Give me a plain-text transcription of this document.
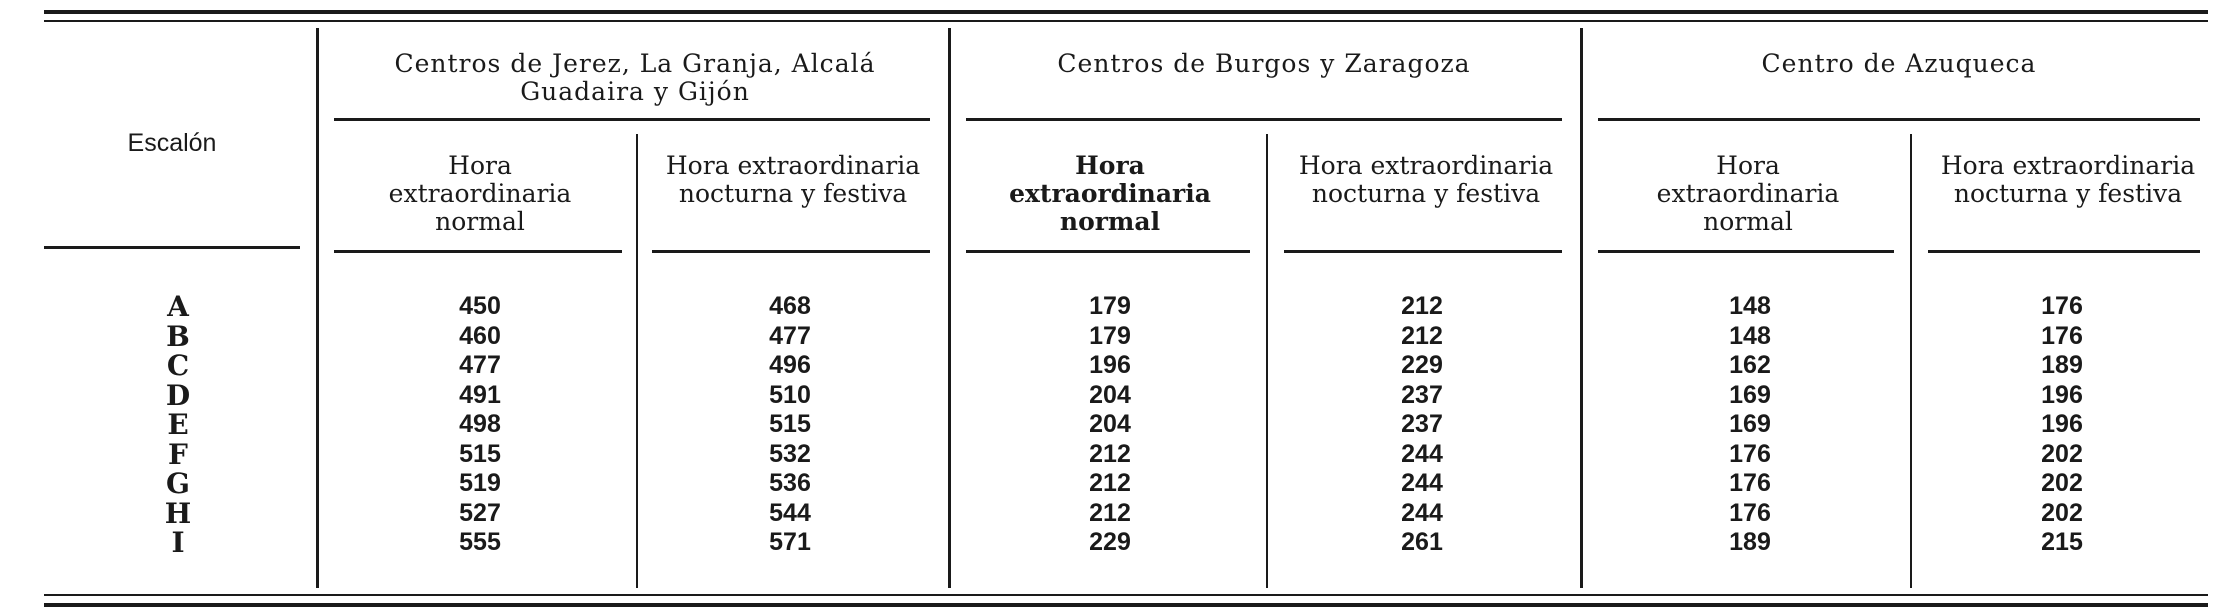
Escalón
Centros de Jerez, La Granja, Alcalá Guadaira y Gijón
Centros de Burgos y Zaragoza	Centro de Azuqueca
Hora extraordinaria normal
Hora extraordinaria nocturna y festiva
Hora extraordinaria normal
Hora extraordinaria nocturna y festiva
Hora extraordinaria normal
Hora extraordinaria nocturna y festiva
A
B
C
D
E
F
G
H
I
450
460
477
491
498
515
519
527
555
468
477
496
510
515
532
536
544
571
179
179
196
204
204
212
212
212
229
212
212
229
237
237
244
244
244
261
148
148
162
169
169
176
176
176
189
176
176
189
196
196
202
202
202
215
